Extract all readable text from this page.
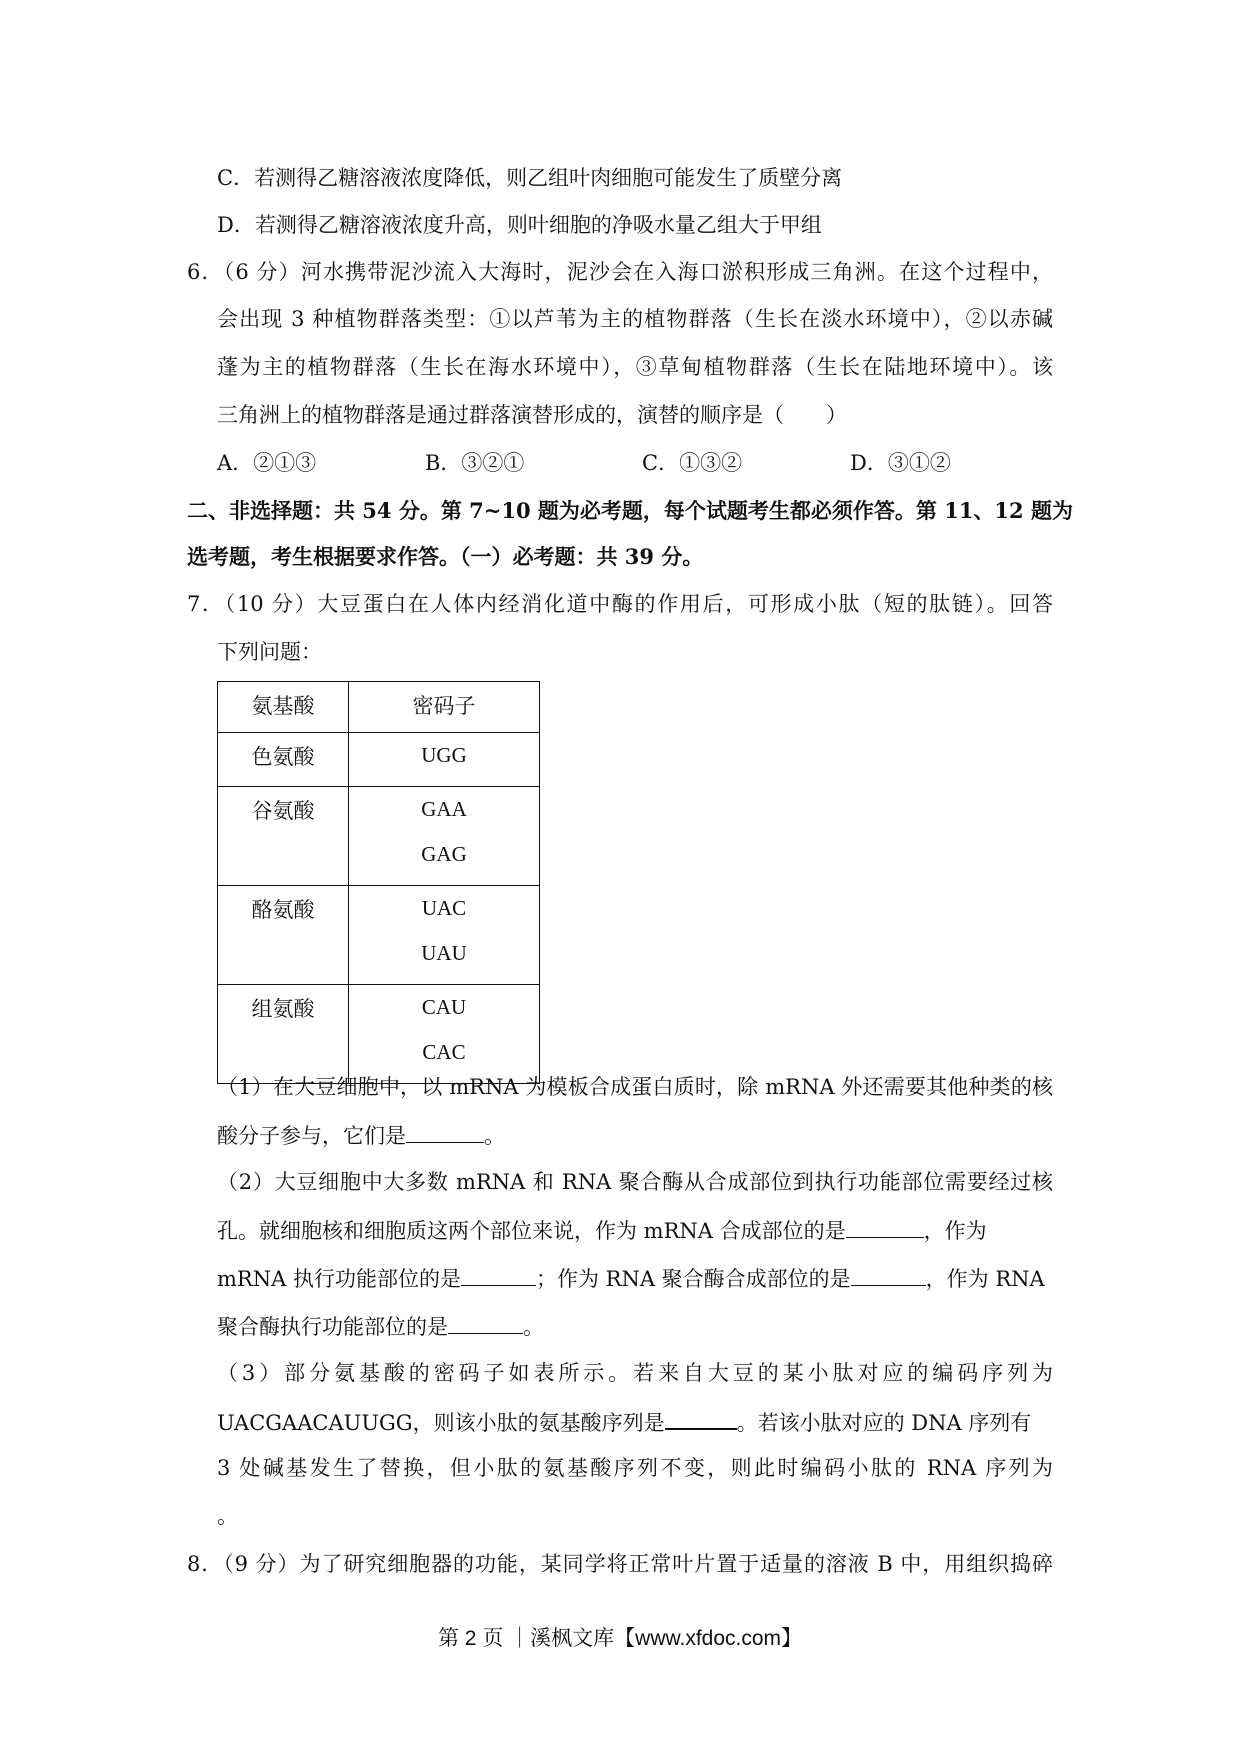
C．若测得乙糖溶液浓度降低，则乙组叶肉细胞可能发生了质壁分离
D．若测得乙糖溶液浓度升高，则叶细胞的净吸水量乙组大于甲组
6．（6 分）河水携带泥沙流入大海时，泥沙会在入海口淤积形成三角洲。在这个过程中，
会出现 3 种植物群落类型：①以芦苇为主的植物群落（生长在淡水环境中），②以赤碱
蓬为主的植物群落（生长在海水环境中），③草甸植物群落（生长在陆地环境中）。该
三角洲上的植物群落是通过群落演替形成的，演替的顺序是（　　）
A．②①③	B．③②①	C．①③②	D．③①②
二、非选择题：共 54 分。第 7~10 题为必考题，每个试题考生都必须作答。第 11、12 题为
选考题，考生根据要求作答。（一）必考题：共 39 分。
7．（10 分）大豆蛋白在人体内经消化道中酶的作用后，可形成小肽（短的肽链）。回答
下列问题：
氨基酸	密码子
色氨酸	UGG

谷氨酸	GAA
GAG

酪氨酸	UAC
UAU

组氨酸	CAU
CAC
（1）在大豆细胞中，以 mRNA 为模板合成蛋白质时，除 mRNA 外还需要其他种类的核
酸分子参与，它们是	。
（2）大豆细胞中大多数 mRNA 和 RNA 聚合酶从合成部位到执行功能部位需要经过核
孔。就细胞核和细胞质这两个部位来说，作为 mRNA 合成部位的是	，作为
mRNA 执行功能部位的是	；作为 RNA 聚合酶合成部位的是	，作为 RNA
聚合酶执行功能部位的是	。
（3）部分氨基酸的密码子如表所示。若来自大豆的某小肽对应的编码序列为
UACGAACAUUGG，则该小肽的氨基酸序列是	。若该小肽对应的 DNA 序列有
3 处碱基发生了替换，但小肽的氨基酸序列不变，则此时编码小肽的 RNA 序列为
。
8．（9 分）为了研究细胞器的功能，某同学将正常叶片置于适量的溶液 B 中，用组织捣碎
第 2 页 ｜溪枫文库【www.xfdoc.com】
